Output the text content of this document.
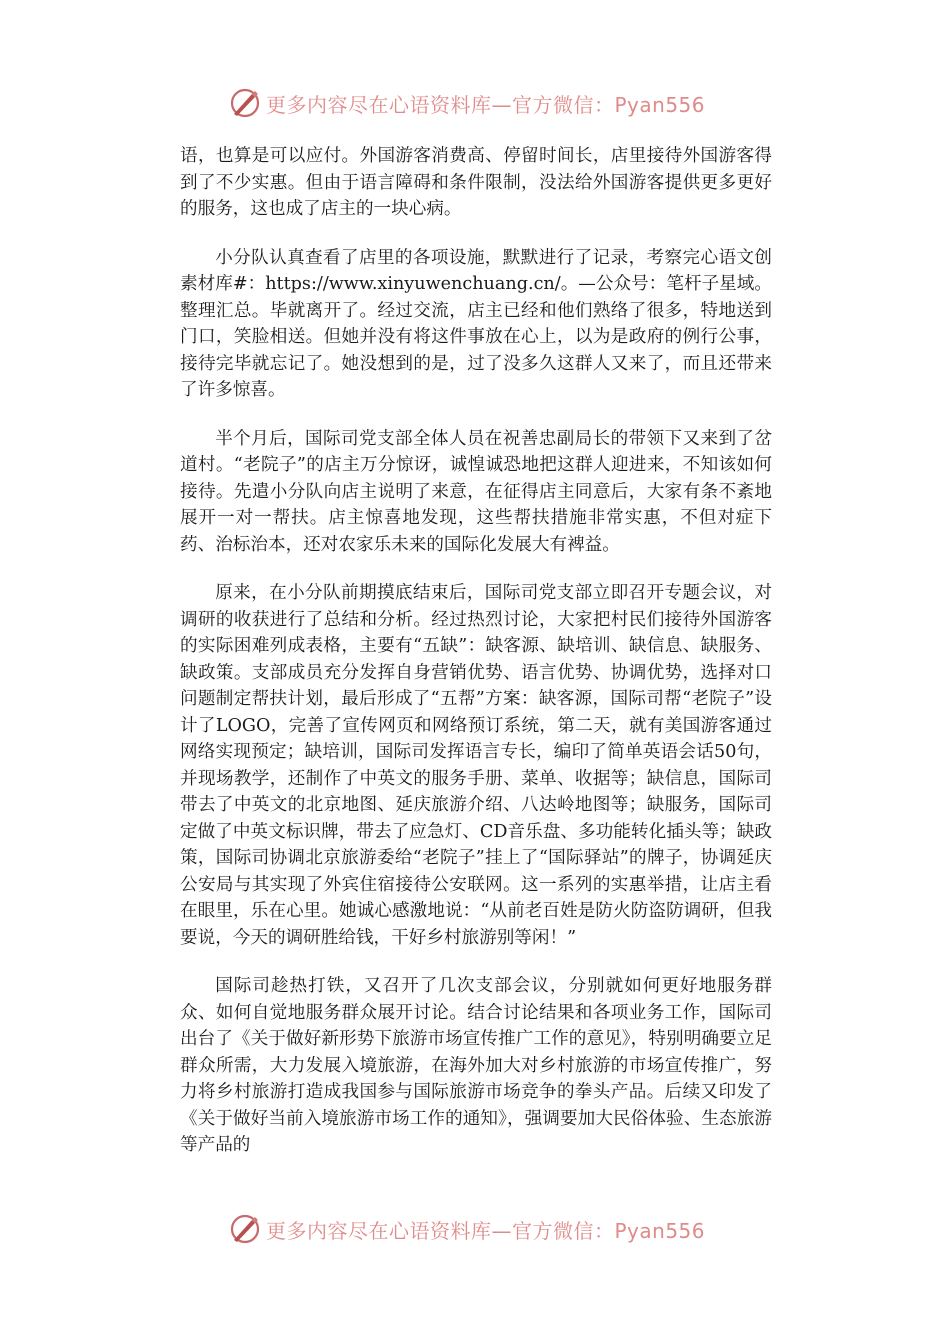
更多内容尽在心语资料库—官方微信：Pyan556

语，也算是可以应付。外国游客消费高、停留时间长，店里接待外国游客得到了不少实惠。但由于语言障碍和条件限制，没法给外国游客提供更多更好的服务，这也成了店主的一块心病。

小分队认真查看了店里的各项设施，默默进行了记录，考察完心语文创素材库#：https://www.xinyuwenchuang.cn/。—公众号：笔杆子星域。整理汇总。毕就离开了。经过交流，店主已经和他们熟络了很多，特地送到门口，笑脸相送。但她并没有将这件事放在心上，以为是政府的例行公事，接待完毕就忘记了。她没想到的是，过了没多久这群人又来了，而且还带来了许多惊喜。

半个月后，国际司党支部全体人员在祝善忠副局长的带领下又来到了岔道村。“老院子”的店主万分惊讶，诚惶诚恐地把这群人迎进来，不知该如何接待。先遣小分队向店主说明了来意，在征得店主同意后，大家有条不紊地展开一对一帮扶。店主惊喜地发现，这些帮扶措施非常实惠，不但对症下药、治标治本，还对农家乐未来的国际化发展大有裨益。

原来，在小分队前期摸底结束后，国际司党支部立即召开专题会议，对调研的收获进行了总结和分析。经过热烈讨论，大家把村民们接待外国游客的实际困难列成表格，主要有“五缺”：缺客源、缺培训、缺信息、缺服务、缺政策。支部成员充分发挥自身营销优势、语言优势、协调优势，选择对口问题制定帮扶计划，最后形成了“五帮”方案：缺客源，国际司帮“老院子”设计了LOGO，完善了宣传网页和网络预订系统，第二天，就有美国游客通过网络实现预定；缺培训，国际司发挥语言专长，编印了简单英语会话50句，并现场教学，还制作了中英文的服务手册、菜单、收据等；缺信息，国际司带去了中英文的北京地图、延庆旅游介绍、八达岭地图等；缺服务，国际司定做了中英文标识牌，带去了应急灯、CD音乐盘、多功能转化插头等；缺政策，国际司协调北京旅游委给“老院子”挂上了“国际驿站”的牌子，协调延庆公安局与其实现了外宾住宿接待公安联网。这一系列的实惠举措，让店主看在眼里，乐在心里。她诚心感激地说：“从前老百姓是防火防盗防调研，但我要说，今天的调研胜给钱，干好乡村旅游别等闲！”

国际司趁热打铁，又召开了几次支部会议，分别就如何更好地服务群众、如何自觉地服务群众展开讨论。结合讨论结果和各项业务工作，国际司出台了《关于做好新形势下旅游市场宣传推广工作的意见》，特别明确要立足群众所需，大力发展入境旅游，在海外加大对乡村旅游的市场宣传推广，努力将乡村旅游打造成我国参与国际旅游市场竞争的拳头产品。后续又印发了《关于做好当前入境旅游市场工作的通知》，强调要加大民俗体验、生态旅游等产品的

更多内容尽在心语资料库—官方微信：Pyan556
